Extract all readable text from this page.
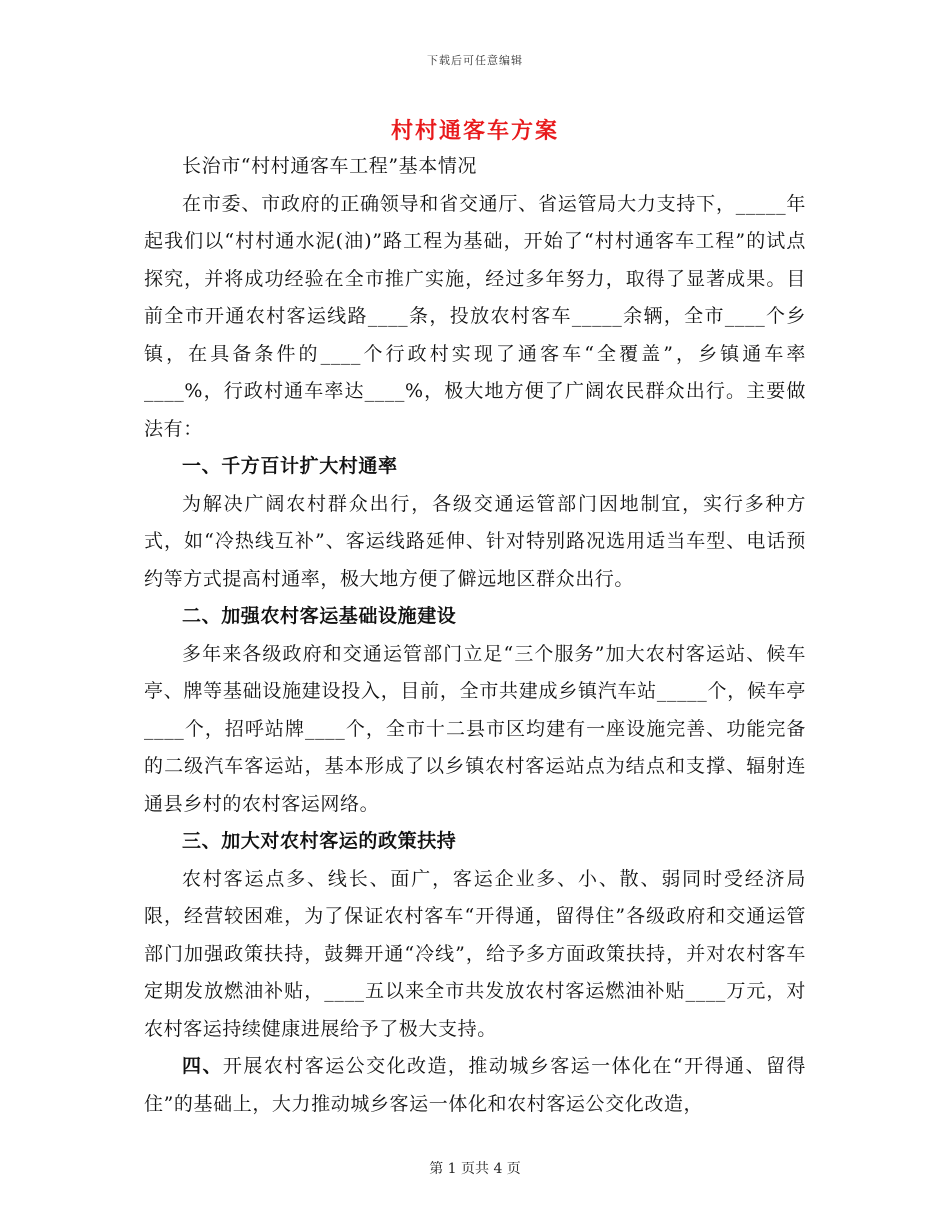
下载后可任意编辑
村村通客车方案

长治市“村村通客车工程”基本情况

在市委、市政府的正确领导和省交通厅、省运管局大力支持下，_____年起我们以“村村通水泥(油)”路工程为基础，开始了“村村通客车工程”的试点探究，并将成功经验在全市推广实施，经过多年努力，取得了显著成果。目前全市开通农村客运线路____条，投放农村客车_____余辆，全市____个乡镇，在具备条件的____个行政村实现了通客车“全覆盖”，乡镇通车率____%，行政村通车率达____%，极大地方便了广阔农民群众出行。主要做法有：

一、千方百计扩大村通率

为解决广阔农村群众出行，各级交通运管部门因地制宜，实行多种方式，如“冷热线互补”、客运线路延伸、针对特别路况选用适当车型、电话预约等方式提高村通率，极大地方便了僻远地区群众出行。

二、加强农村客运基础设施建设

多年来各级政府和交通运管部门立足“三个服务”加大农村客运站、候车亭、牌等基础设施建设投入，目前，全市共建成乡镇汽车站_____个，候车亭____个，招呼站牌____个，全市十二县市区均建有一座设施完善、功能完备的二级汽车客运站，基本形成了以乡镇农村客运站点为结点和支撑、辐射连通县乡村的农村客运网络。

三、加大对农村客运的政策扶持

农村客运点多、线长、面广，客运企业多、小、散、弱同时受经济局限，经营较困难，为了保证农村客车“开得通，留得住”各级政府和交通运管部门加强政策扶持，鼓舞开通“冷线”，给予多方面政策扶持，并对农村客车定期发放燃油补贴，____五以来全市共发放农村客运燃油补贴____万元，对农村客运持续健康进展给予了极大支持。

四、开展农村客运公交化改造，推动城乡客运一体化在“开得通、留得住”的基础上，大力推动城乡客运一体化和农村客运公交化改造，

第 1 页共 4 页
